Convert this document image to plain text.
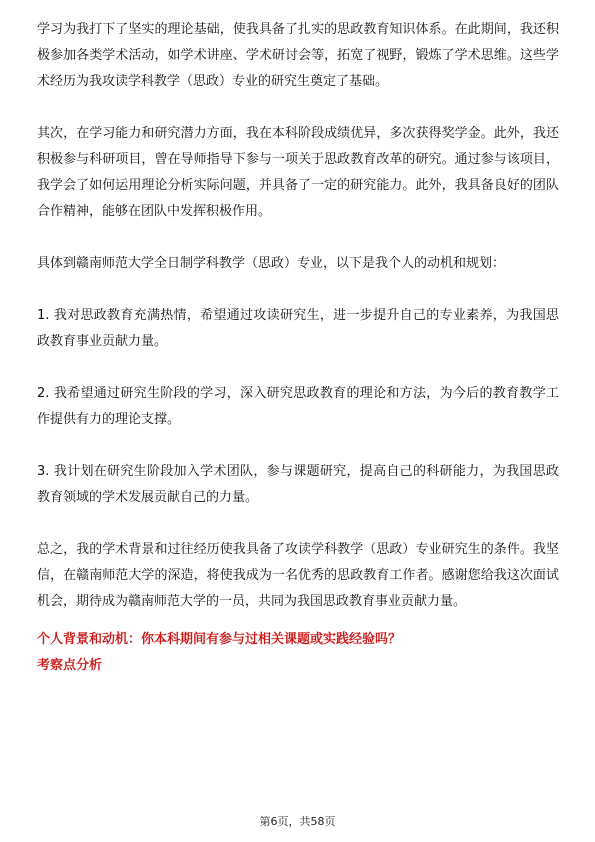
学习为我打下了坚实的理论基础，使我具备了扎实的思政教育知识体系。在此期间，我还积极参加各类学术活动，如学术讲座、学术研讨会等，拓宽了视野，锻炼了学术思维。这些学术经历为我攻读学科教学（思政）专业的研究生奠定了基础。

其次，在学习能力和研究潜力方面，我在本科阶段成绩优异，多次获得奖学金。此外，我还积极参与科研项目，曾在导师指导下参与一项关于思政教育改革的研究。通过参与该项目，我学会了如何运用理论分析实际问题，并具备了一定的研究能力。此外，我具备良好的团队合作精神，能够在团队中发挥积极作用。

具体到赣南师范大学全日制学科教学（思政）专业，以下是我个人的动机和规划：

1. 我对思政教育充满热情，希望通过攻读研究生，进一步提升自己的专业素养，为我国思政教育事业贡献力量。

2. 我希望通过研究生阶段的学习，深入研究思政教育的理论和方法，为今后的教育教学工作提供有力的理论支撑。

3. 我计划在研究生阶段加入学术团队，参与课题研究，提高自己的科研能力，为我国思政教育领域的学术发展贡献自己的力量。

总之，我的学术背景和过往经历使我具备了攻读学科教学（思政）专业研究生的条件。我坚信，在赣南师范大学的深造，将使我成为一名优秀的思政教育工作者。感谢您给我这次面试机会，期待成为赣南师范大学的一员，共同为我国思政教育事业贡献力量。

个人背景和动机：你本科期间有参与过相关课题或实践经验吗？

考察点分析

第6页，共58页
